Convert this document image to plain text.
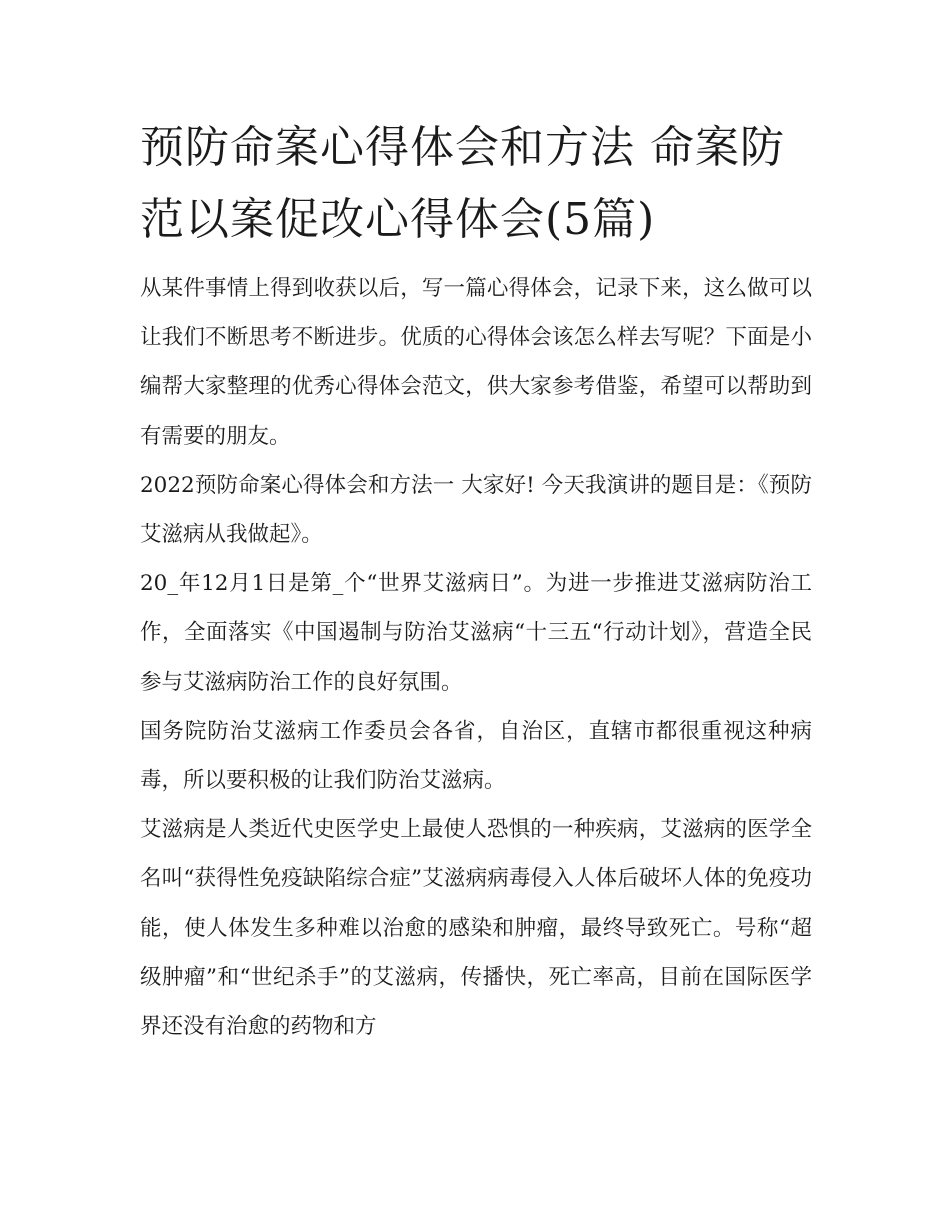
预防命案心得体会和方法 命案防范以案促改心得体会(5篇)

从某件事情上得到收获以后，写一篇心得体会，记录下来，这么做可以让我们不断思考不断进步。优质的心得体会该怎么样去写呢？下面是小编帮大家整理的优秀心得体会范文，供大家参考借鉴，希望可以帮助到有需要的朋友。

2022预防命案心得体会和方法一 大家好! 今天我演讲的题目是：《预防艾滋病从我做起》。

20_年12月1日是第_个“世界艾滋病日”。为进一步推进艾滋病防治工作，全面落实《中国遏制与防治艾滋病“十三五“行动计划》，营造全民参与艾滋病防治工作的良好氛围。

国务院防治艾滋病工作委员会各省，自治区，直辖市都很重视这种病毒，所以要积极的让我们防治艾滋病。

艾滋病是人类近代史医学史上最使人恐惧的一种疾病，艾滋病的医学全名叫“获得性免疫缺陷综合症”艾滋病病毒侵入人体后破坏人体的免疫功能，使人体发生多种难以治愈的感染和肿瘤，最终导致死亡。号称“超级肿瘤”和“世纪杀手”的艾滋病，传播快，死亡率高，目前在国际医学界还没有治愈的药物和方
